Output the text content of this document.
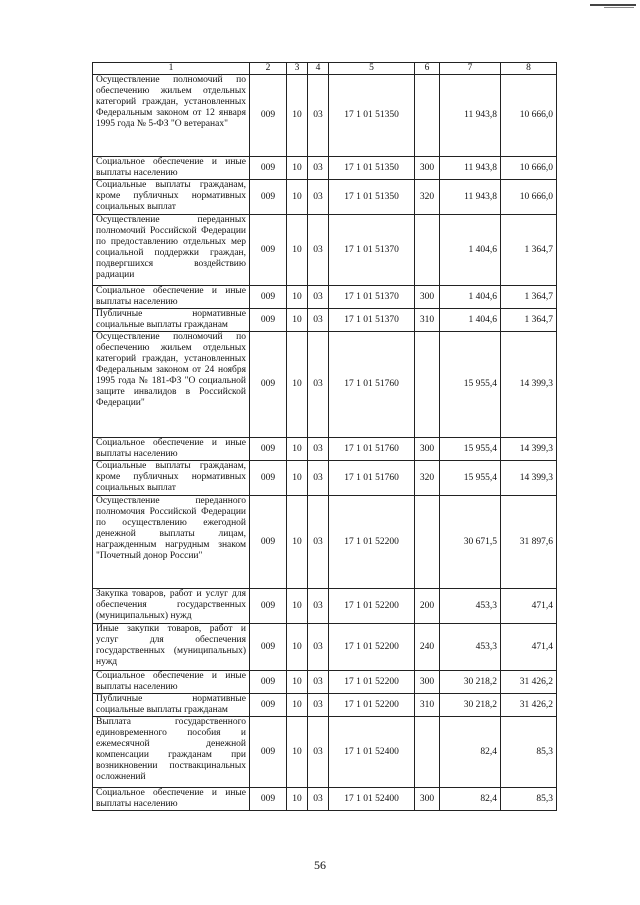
1	2	3	4	5	6	7	8
Осуществление полномочий по обеспечению жильем отдельных категорий граждан, установленных Федеральным законом от 12 января 1995 года № 5-ФЗ "О ветеранах"	009	10	03	17 1 01 51350		11 943,8	10 666,0
Социальное обеспечение и иные выплаты населению	009	10	03	17 1 01 51350	300	11 943,8	10 666,0
Социальные выплаты гражданам, кроме публичных нормативных социальных выплат	009	10	03	17 1 01 51350	320	11 943,8	10 666,0
Осуществление переданных полномочий Российской Федерации по предоставлению отдельных мер социальной поддержки граждан, подвергшихся воздействию радиации	009	10	03	17 1 01 51370		1 404,6	1 364,7
Социальное обеспечение и иные выплаты населению	009	10	03	17 1 01 51370	300	1 404,6	1 364,7
Публичные нормативные социальные выплаты гражданам	009	10	03	17 1 01 51370	310	1 404,6	1 364,7
Осуществление полномочий по обеспечению жильем отдельных категорий граждан, установленных Федеральным законом от 24 ноября 1995 года № 181-ФЗ "О социальной защите инвалидов в Российской Федерации"	009	10	03	17 1 01 51760		15 955,4	14 399,3
Социальное обеспечение и иные выплаты населению	009	10	03	17 1 01 51760	300	15 955,4	14 399,3
Социальные выплаты гражданам, кроме публичных нормативных социальных выплат	009	10	03	17 1 01 51760	320	15 955,4	14 399,3
Осуществление переданного полномочия Российской Федерации по осуществлению ежегодной денежной выплаты лицам, награжденным нагрудным знаком "Почетный донор России"	009	10	03	17 1 01 52200		30 671,5	31 897,6
Закупка товаров, работ и услуг для обеспечения государственных (муниципальных) нужд	009	10	03	17 1 01 52200	200	453,3	471,4
Иные закупки товаров, работ и услуг для обеспечения государственных (муниципальных) нужд	009	10	03	17 1 01 52200	240	453,3	471,4
Социальное обеспечение и иные выплаты населению	009	10	03	17 1 01 52200	300	30 218,2	31 426,2
Публичные нормативные социальные выплаты гражданам	009	10	03	17 1 01 52200	310	30 218,2	31 426,2
Выплата государственного единовременного пособия и ежемесячной денежной компенсации гражданам при возникновении поствакцинальных осложнений	009	10	03	17 1 01 52400		82,4	85,3
Социальное обеспечение и иные выплаты населению	009	10	03	17 1 01 52400	300	82,4	85,3
56
